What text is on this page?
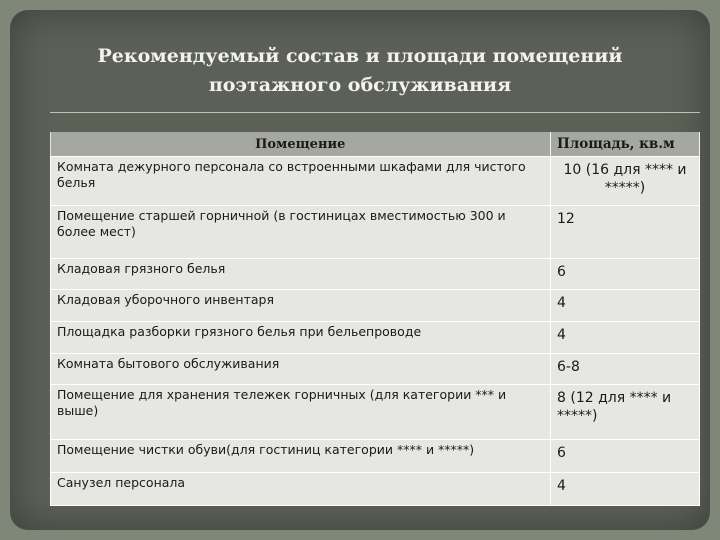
Рекомендуемый состав и площади помещений
поэтажного обслуживания
Помещение	Площадь, кв.м
Комната дежурного персонала со встроенными шкафами для чистого белья	10 (16 для **** и *****)
Помещение старшей горничной (в гостиницах вместимостью 300 и более мест)	12
Кладовая грязного белья	6
Кладовая уборочного инвентаря	4
Площадка разборки грязного белья при бельепроводе	4
Комната бытового обслуживания	6-8
Помещение для хранения тележек горничных (для категории *** и выше)	8 (12 для **** и *****)
Помещение чистки обуви(для гостиниц категории **** и *****)	6
Санузел персонала	4
